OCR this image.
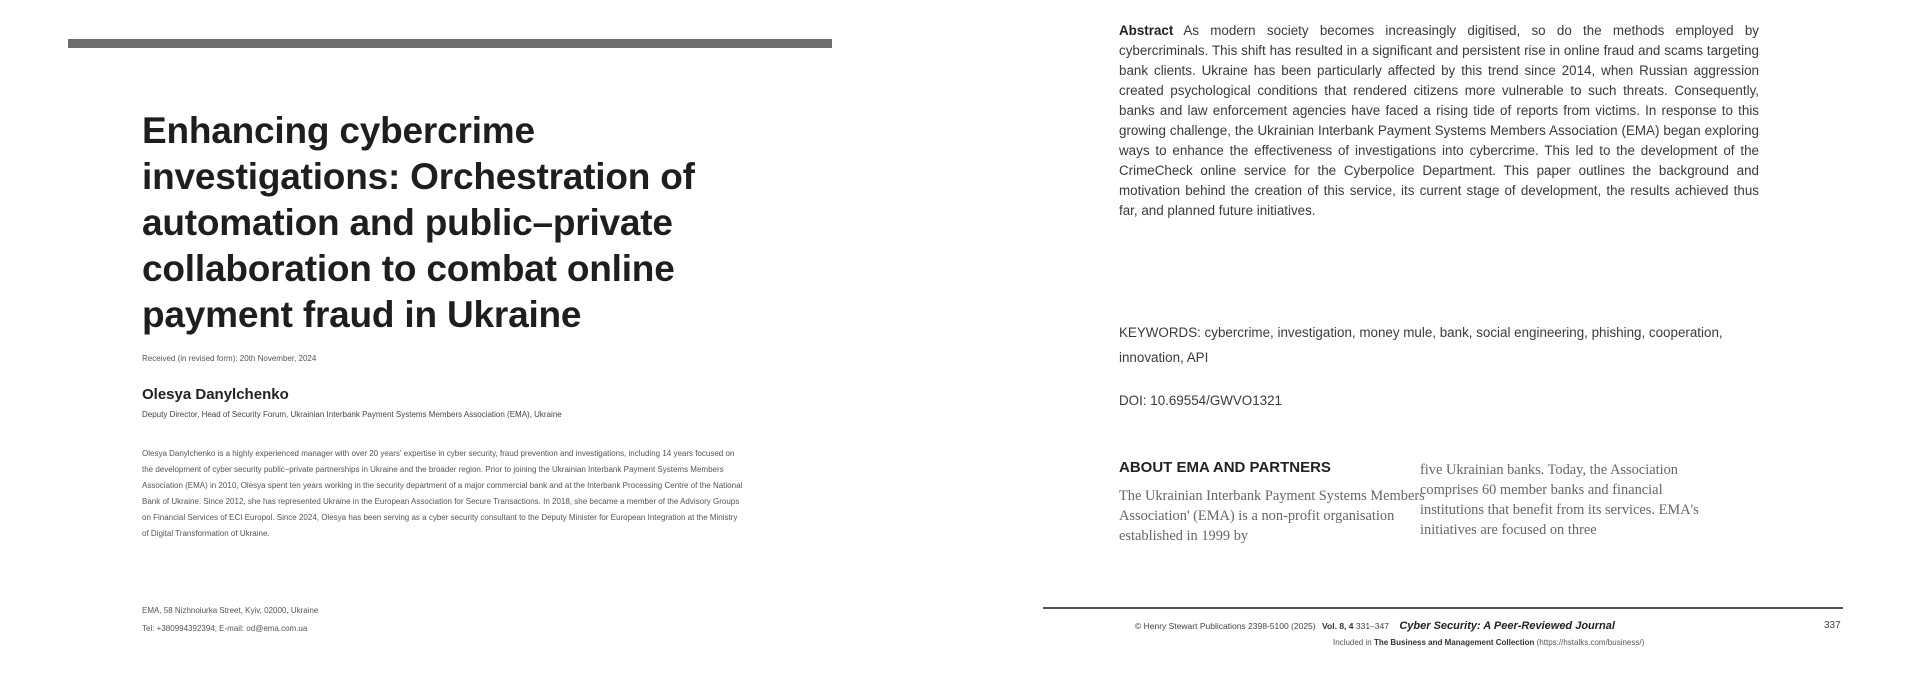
Enhancing cybercrime investigations: Orchestration of automation and public–private collaboration to combat online payment fraud in Ukraine
Received (in revised form): 20th November, 2024
Olesya Danylchenko
Deputy Director, Head of Security Forum, Ukrainian Interbank Payment Systems Members Association (EMA), Ukraine

Olesya Danylchenko is a highly experienced manager with over 20 years' expertise in cyber security, fraud prevention and investigations, including 14 years focused on the development of cyber security public–private partnerships in Ukraine and the broader region. Prior to joining the Ukrainian Interbank Payment Systems Members Association (EMA) in 2010, Olesya spent ten years working in the security department of a major commercial bank and at the Interbank Processing Centre of the National Bank of Ukraine. Since 2012, she has represented Ukraine in the European Association for Secure Transactions. In 2018, she became a member of the Advisory Groups on Financial Services of ECI Europol. Since 2024, Olesya has been serving as a cyber security consultant to the Deputy Minister for European Integration at the Ministry of Digital Transformation of Ukraine.

EMA, 58 Nizhnoiurka Street, Kyiv, 02000, Ukraine
Tel: +380994392394; E-mail: od@ema.com.ua

Abstract As modern society becomes increasingly digitised, so do the methods employed by cybercriminals. This shift has resulted in a significant and persistent rise in online fraud and scams targeting bank clients. Ukraine has been particularly affected by this trend since 2014, when Russian aggression created psychological conditions that rendered citizens more vulnerable to such threats. Consequently, banks and law enforcement agencies have faced a rising tide of reports from victims. In response to this growing challenge, the Ukrainian Interbank Payment Systems Members Association (EMA) began exploring ways to enhance the effectiveness of investigations into cybercrime. This led to the development of the CrimeCheck online service for the Cyberpolice Department. This paper outlines the background and motivation behind the creation of this service, its current stage of development, the results achieved thus far, and planned future initiatives.

KEYWORDS: cybercrime, investigation, money mule, bank, social engineering, phishing, cooperation, innovation, API

DOI: 10.69554/GWVO1321
ABOUT EMA AND PARTNERS

The Ukrainian Interbank Payment Systems Members Association' (EMA) is a non-profit organisation established in 1999 by

five Ukrainian banks. Today, the Association comprises 60 member banks and financial institutions that benefit from its services. EMA's initiatives are focused on three

© Henry Stewart Publications 2398-5100 (2025) Vol. 8, 4 331–347 Cyber Security: A Peer-Reviewed Journal	337
Included in The Business and Management Collection (https://hstalks.com/business/)
